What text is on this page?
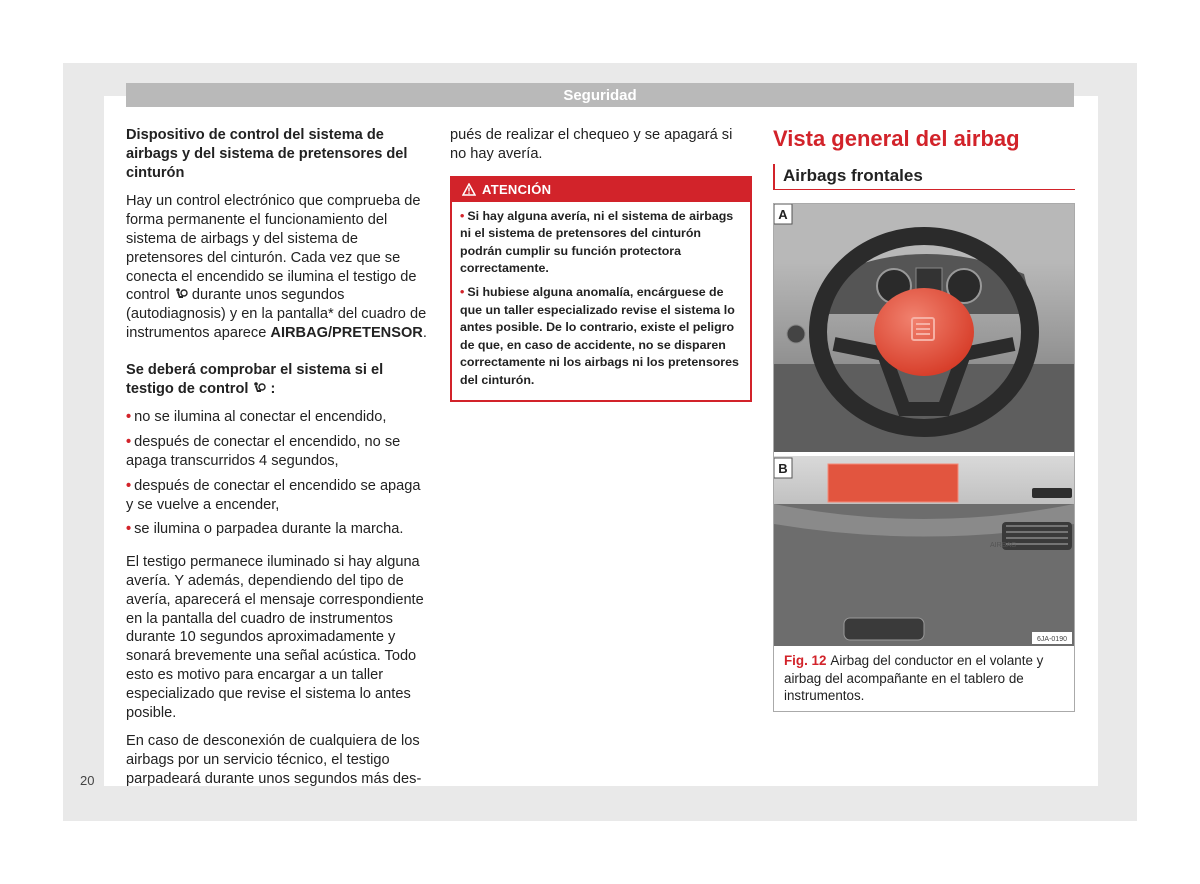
Seguridad
Dispositivo de control del sistema de airbags y del sistema de pretensores del cinturón

Hay un control electrónico que comprueba de forma permanente el funcionamiento del sistema de airbags y del sistema de pretensores del cinturón. Cada vez que se conecta el encendido se ilumina el testigo de control  durante unos segundos (autodiagnosis) y en la pantalla* del cuadro de instrumentos aparece AIRBAG/PRETENSOR.

Se deberá comprobar el sistema si el testigo de control  :
• no se ilumina al conectar el encendido,
• después de conectar el encendido, no se apaga transcurridos 4 segundos,
• después de conectar el encendido se apaga y se vuelve a encender,
• se ilumina o parpadea durante la marcha.

El testigo permanece iluminado si hay alguna avería. Y además, dependiendo del tipo de avería, aparecerá el mensaje correspondiente en la pantalla del cuadro de instrumentos durante 10 segundos aproximadamente y sonará brevemente una señal acústica. Todo esto es motivo para encargar a un taller especializado que revise el sistema lo antes posible.

En caso de desconexión de cualquiera de los airbags por un servicio técnico, el testigo parpadeará durante unos segundos más des-

pués de realizar el chequeo y se apagará si no hay avería.

ATENCIÓN

• Si hay alguna avería, ni el sistema de airbags ni el sistema de pretensores del cinturón podrán cumplir su función protectora correctamente.

• Si hubiese alguna anomalía, encárguese de que un taller especializado revise el sistema lo antes posible. De lo contrario, existe el peligro de que, en caso de accidente, no se disparen correctamente ni los airbags ni los pretensores del cinturón.

Vista general del airbag
Airbags frontales
A
AIRBAG
B
6JA-0190
Fig. 12 Airbag del conductor en el volante y airbag del acompañante en el tablero de instrumentos.
20
